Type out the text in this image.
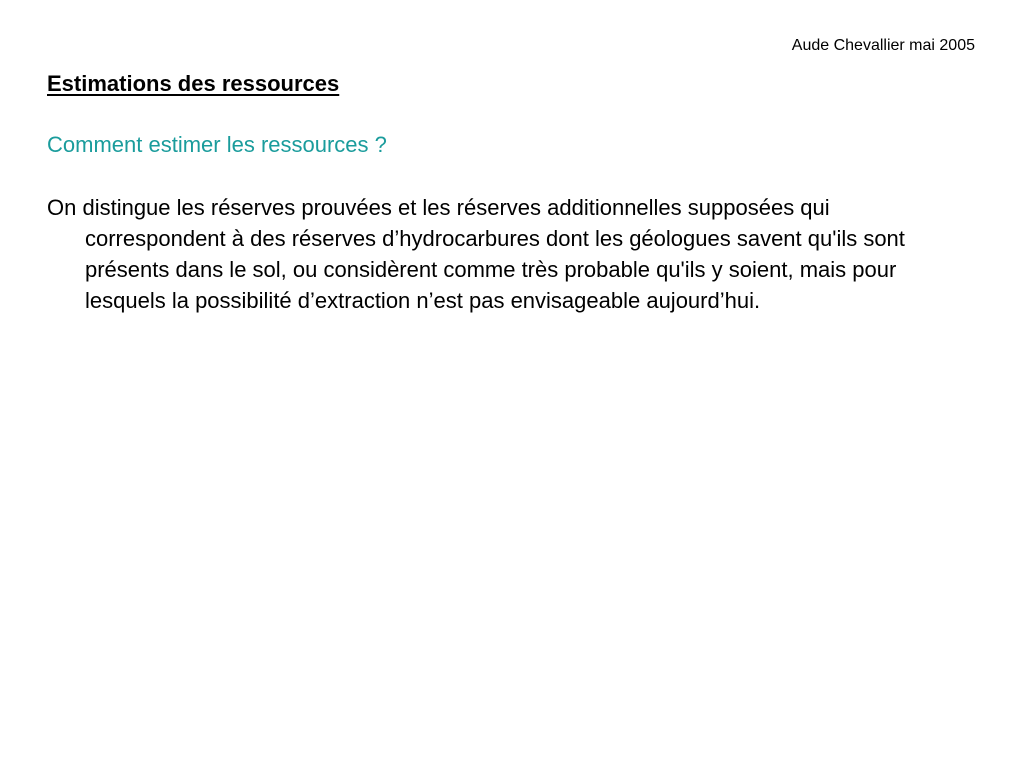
Aude Chevallier mai 2005
Estimations des ressources
Comment estimer les ressources ?

On distingue les réserves prouvées et les réserves additionnelles supposées qui correspondent à des réserves d’hydrocarbures dont les géologues savent qu'ils sont présents dans le sol, ou considèrent comme très probable qu'ils y soient, mais pour lesquels la possibilité d’extraction n’est pas envisageable aujourd’hui.
